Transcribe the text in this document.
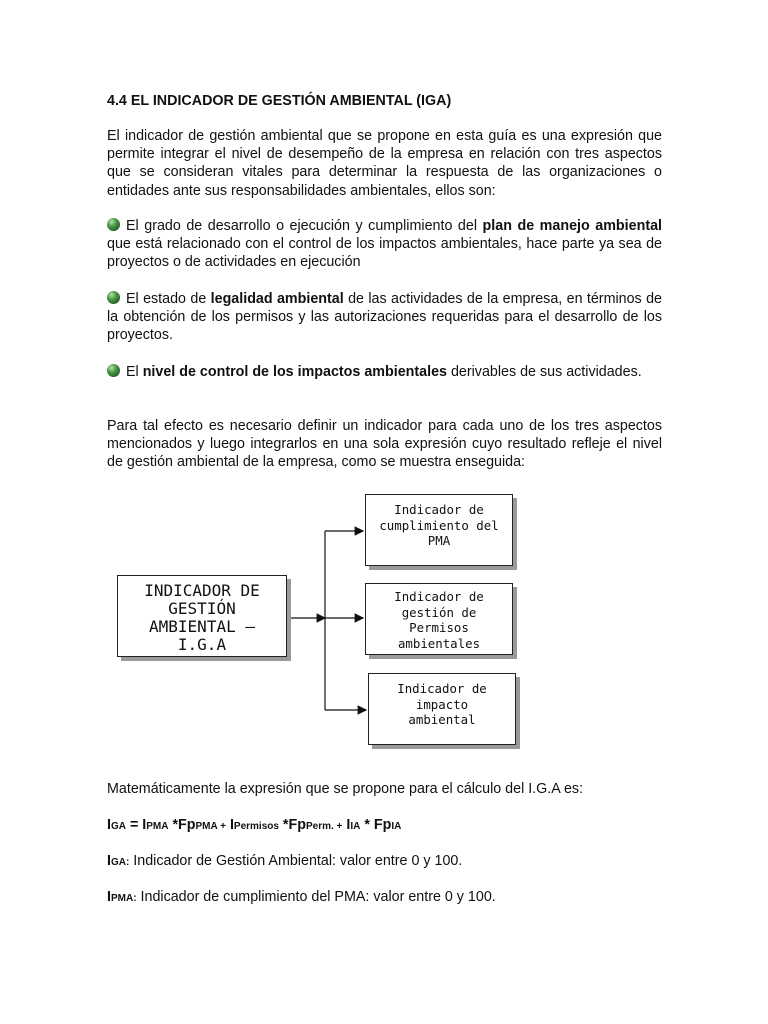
4.4 EL INDICADOR DE GESTIÓN AMBIENTAL (IGA)
El indicador de gestión ambiental que se propone en esta guía es una expresión que permite integrar el nivel de desempeño de la empresa en relación con tres aspectos que se consideran vitales para determinar la respuesta de las organizaciones o entidades ante sus responsabilidades ambientales, ellos son:
El grado de desarrollo o ejecución y cumplimiento del plan de manejo ambiental que está relacionado con el control de los impactos ambientales, hace parte ya sea de proyectos o de actividades en ejecución
El estado de legalidad ambiental de las actividades de la empresa, en términos de la obtención de los permisos y las autorizaciones requeridas para el desarrollo de los proyectos.
El nivel de control de los impactos ambientales derivables de sus actividades.
Para tal efecto es necesario definir un indicador para cada uno de los tres aspectos mencionados y luego integrarlos en una sola expresión cuyo resultado refleje el nivel de gestión ambiental de la empresa, como se muestra enseguida:
INDICADOR DE
GESTIÓN
AMBIENTAL –
I.G.A
Indicador de
cumplimiento del
PMA
Indicador de
gestión de
Permisos
ambientales
Indicador de
impacto
ambiental
Matemáticamente la expresión que se propone para el cálculo del I.G.A es:
IGA = IPMA *FpPMA + IPermisos *FpPerm. + IIA * FpIA
IGA: Indicador de Gestión Ambiental: valor entre 0 y 100.
IPMA: Indicador de cumplimiento del PMA: valor entre 0 y 100.
